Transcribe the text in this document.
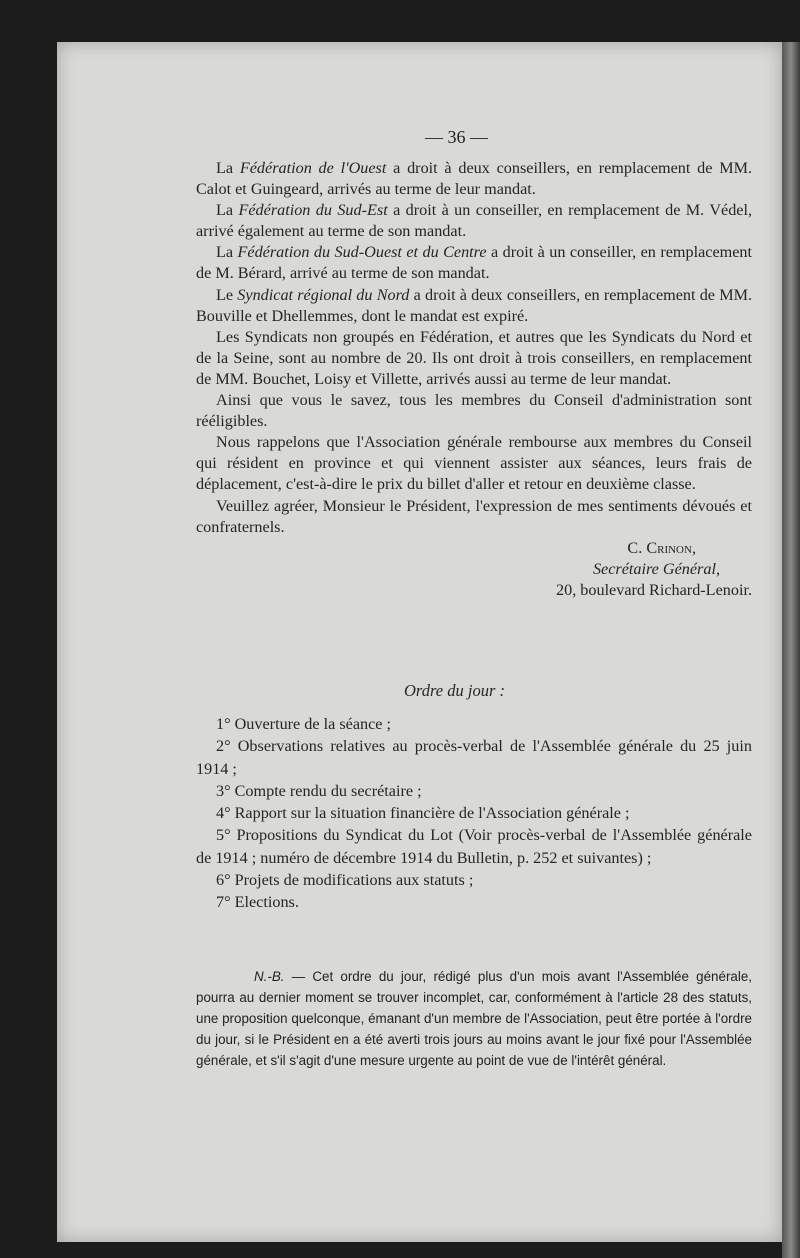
— 36 —

La Fédération de l'Ouest a droit à deux conseillers, en remplacement de MM. Calot et Guingeard, arrivés au terme de leur mandat.

La Fédération du Sud-Est a droit à un conseiller, en remplacement de M. Védel, arrivé également au terme de son mandat.

La Fédération du Sud-Ouest et du Centre a droit à un conseiller, en remplacement de M. Bérard, arrivé au terme de son mandat.

Le Syndicat régional du Nord a droit à deux conseillers, en remplacement de MM. Bouville et Dhellemmes, dont le mandat est expiré.

Les Syndicats non groupés en Fédération, et autres que les Syndicats du Nord et de la Seine, sont au nombre de 20. Ils ont droit à trois conseillers, en remplacement de MM. Bouchet, Loisy et Villette, arrivés aussi au terme de leur mandat.

Ainsi que vous le savez, tous les membres du Conseil d'administration sont rééligibles.

Nous rappelons que l'Association générale rembourse aux membres du Conseil qui résident en province et qui viennent assister aux séances, leurs frais de déplacement, c'est-à-dire le prix du billet d'aller et retour en deuxième classe.

Veuillez agréer, Monsieur le Président, l'expression de mes sentiments dévoués et confraternels.

C. Crinon,
Secrétaire Général,
20, boulevard Richard-Lenoir.
Ordre du jour :

1° Ouverture de la séance ;

2° Observations relatives au procès-verbal de l'Assemblée générale du 25 juin 1914 ;

3° Compte rendu du secrétaire ;

4° Rapport sur la situation financière de l'Association générale ;

5° Propositions du Syndicat du Lot (Voir procès-verbal de l'Assemblée générale de 1914 ; numéro de décembre 1914 du Bulletin, p. 252 et suivantes) ;

6° Projets de modifications aux statuts ;

7° Elections.

N.-B. — Cet ordre du jour, rédigé plus d'un mois avant l'Assemblée générale, pourra au dernier moment se trouver incomplet, car, conformément à l'article 28 des statuts, une proposition quelconque, émanant d'un membre de l'Association, peut être portée à l'ordre du jour, si le Président en a été averti trois jours au moins avant le jour fixé pour l'Assemblée générale, et s'il s'agit d'une mesure urgente au point de vue de l'intérêt général.
